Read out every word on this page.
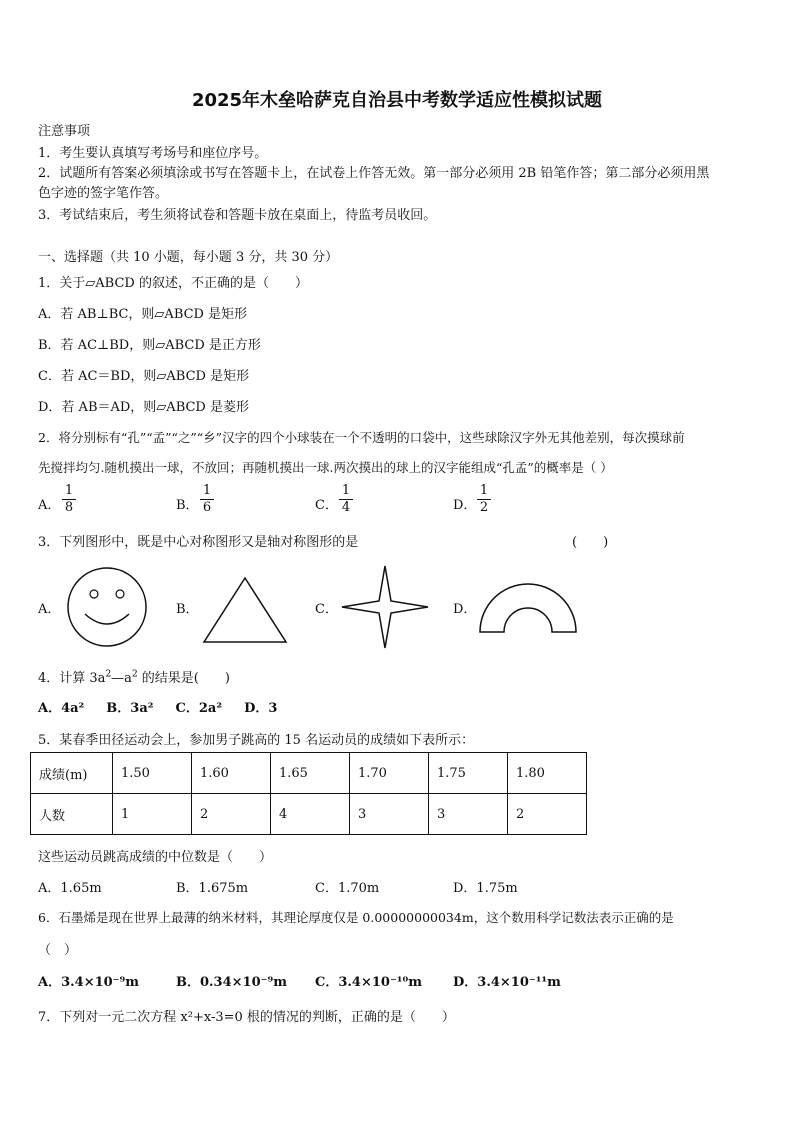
2025年木垒哈萨克自治县中考数学适应性模拟试题
注意事项
1．考生要认真填写考场号和座位序号。
2．试题所有答案必须填涂或书写在答题卡上，在试卷上作答无效。第一部分必须用 2B 铅笔作答；第二部分必须用黑
色字迹的签字笔作答。
3．考试结束后，考生须将试卷和答题卡放在桌面上，待监考员收回。
一、选择题（共 10 小题，每小题 3 分，共 30 分）
1．关于▱ABCD 的叙述，不正确的是（　　）
A．若 AB⊥BC，则▱ABCD 是矩形
B．若 AC⊥BD，则▱ABCD 是正方形
C．若 AC＝BD，则▱ABCD 是矩形
D．若 AB＝AD，则▱ABCD 是菱形
2．将分别标有“孔”“孟”“之”“乡”汉字的四个小球装在一个不透明的口袋中，这些球除汉字外无其他差别，每次摸球前
先搅拌均匀.随机摸出一球，不放回；再随机摸出一球.两次摸出的球上的汉字能组成“孔孟”的概率是（ ）
A． $\frac{1}{8}$	B． $\frac{1}{6}$	C． $\frac{1}{4}$	D． $\frac{1}{2}$
3．下列图形中，既是中心对称图形又是轴对称图形的是	(　　)
A．	B．	C．	D．
4．计算 $3a^2—a^2$ 的结果是(　　)
A．4a² 　 B．3a² 　 C．2a² 　 D．3
5．某春季田径运动会上，参加男子跳高的 15 名运动员的成绩如下表所示：
成绩(m)	1.50	1.60	1.65	1.70	1.75	1.80
人数	1	2	4	3	3	2
这些运动员跳高成绩的中位数是（　　）
A．1.65m	B．1.675m	C．1.70m	D．1.75m
6．石墨烯是现在世界上最薄的纳米材料，其理论厚度仅是 0.00000000034m，这个数用科学记数法表示正确的是
（　）
A．3.4×10⁻⁹m	B．0.34×10⁻⁹m C．3.4×10⁻¹⁰m D．3.4×10⁻¹¹m
7．下列对一元二次方程 x²+x-3=0 根的情况的判断，正确的是（　　）
